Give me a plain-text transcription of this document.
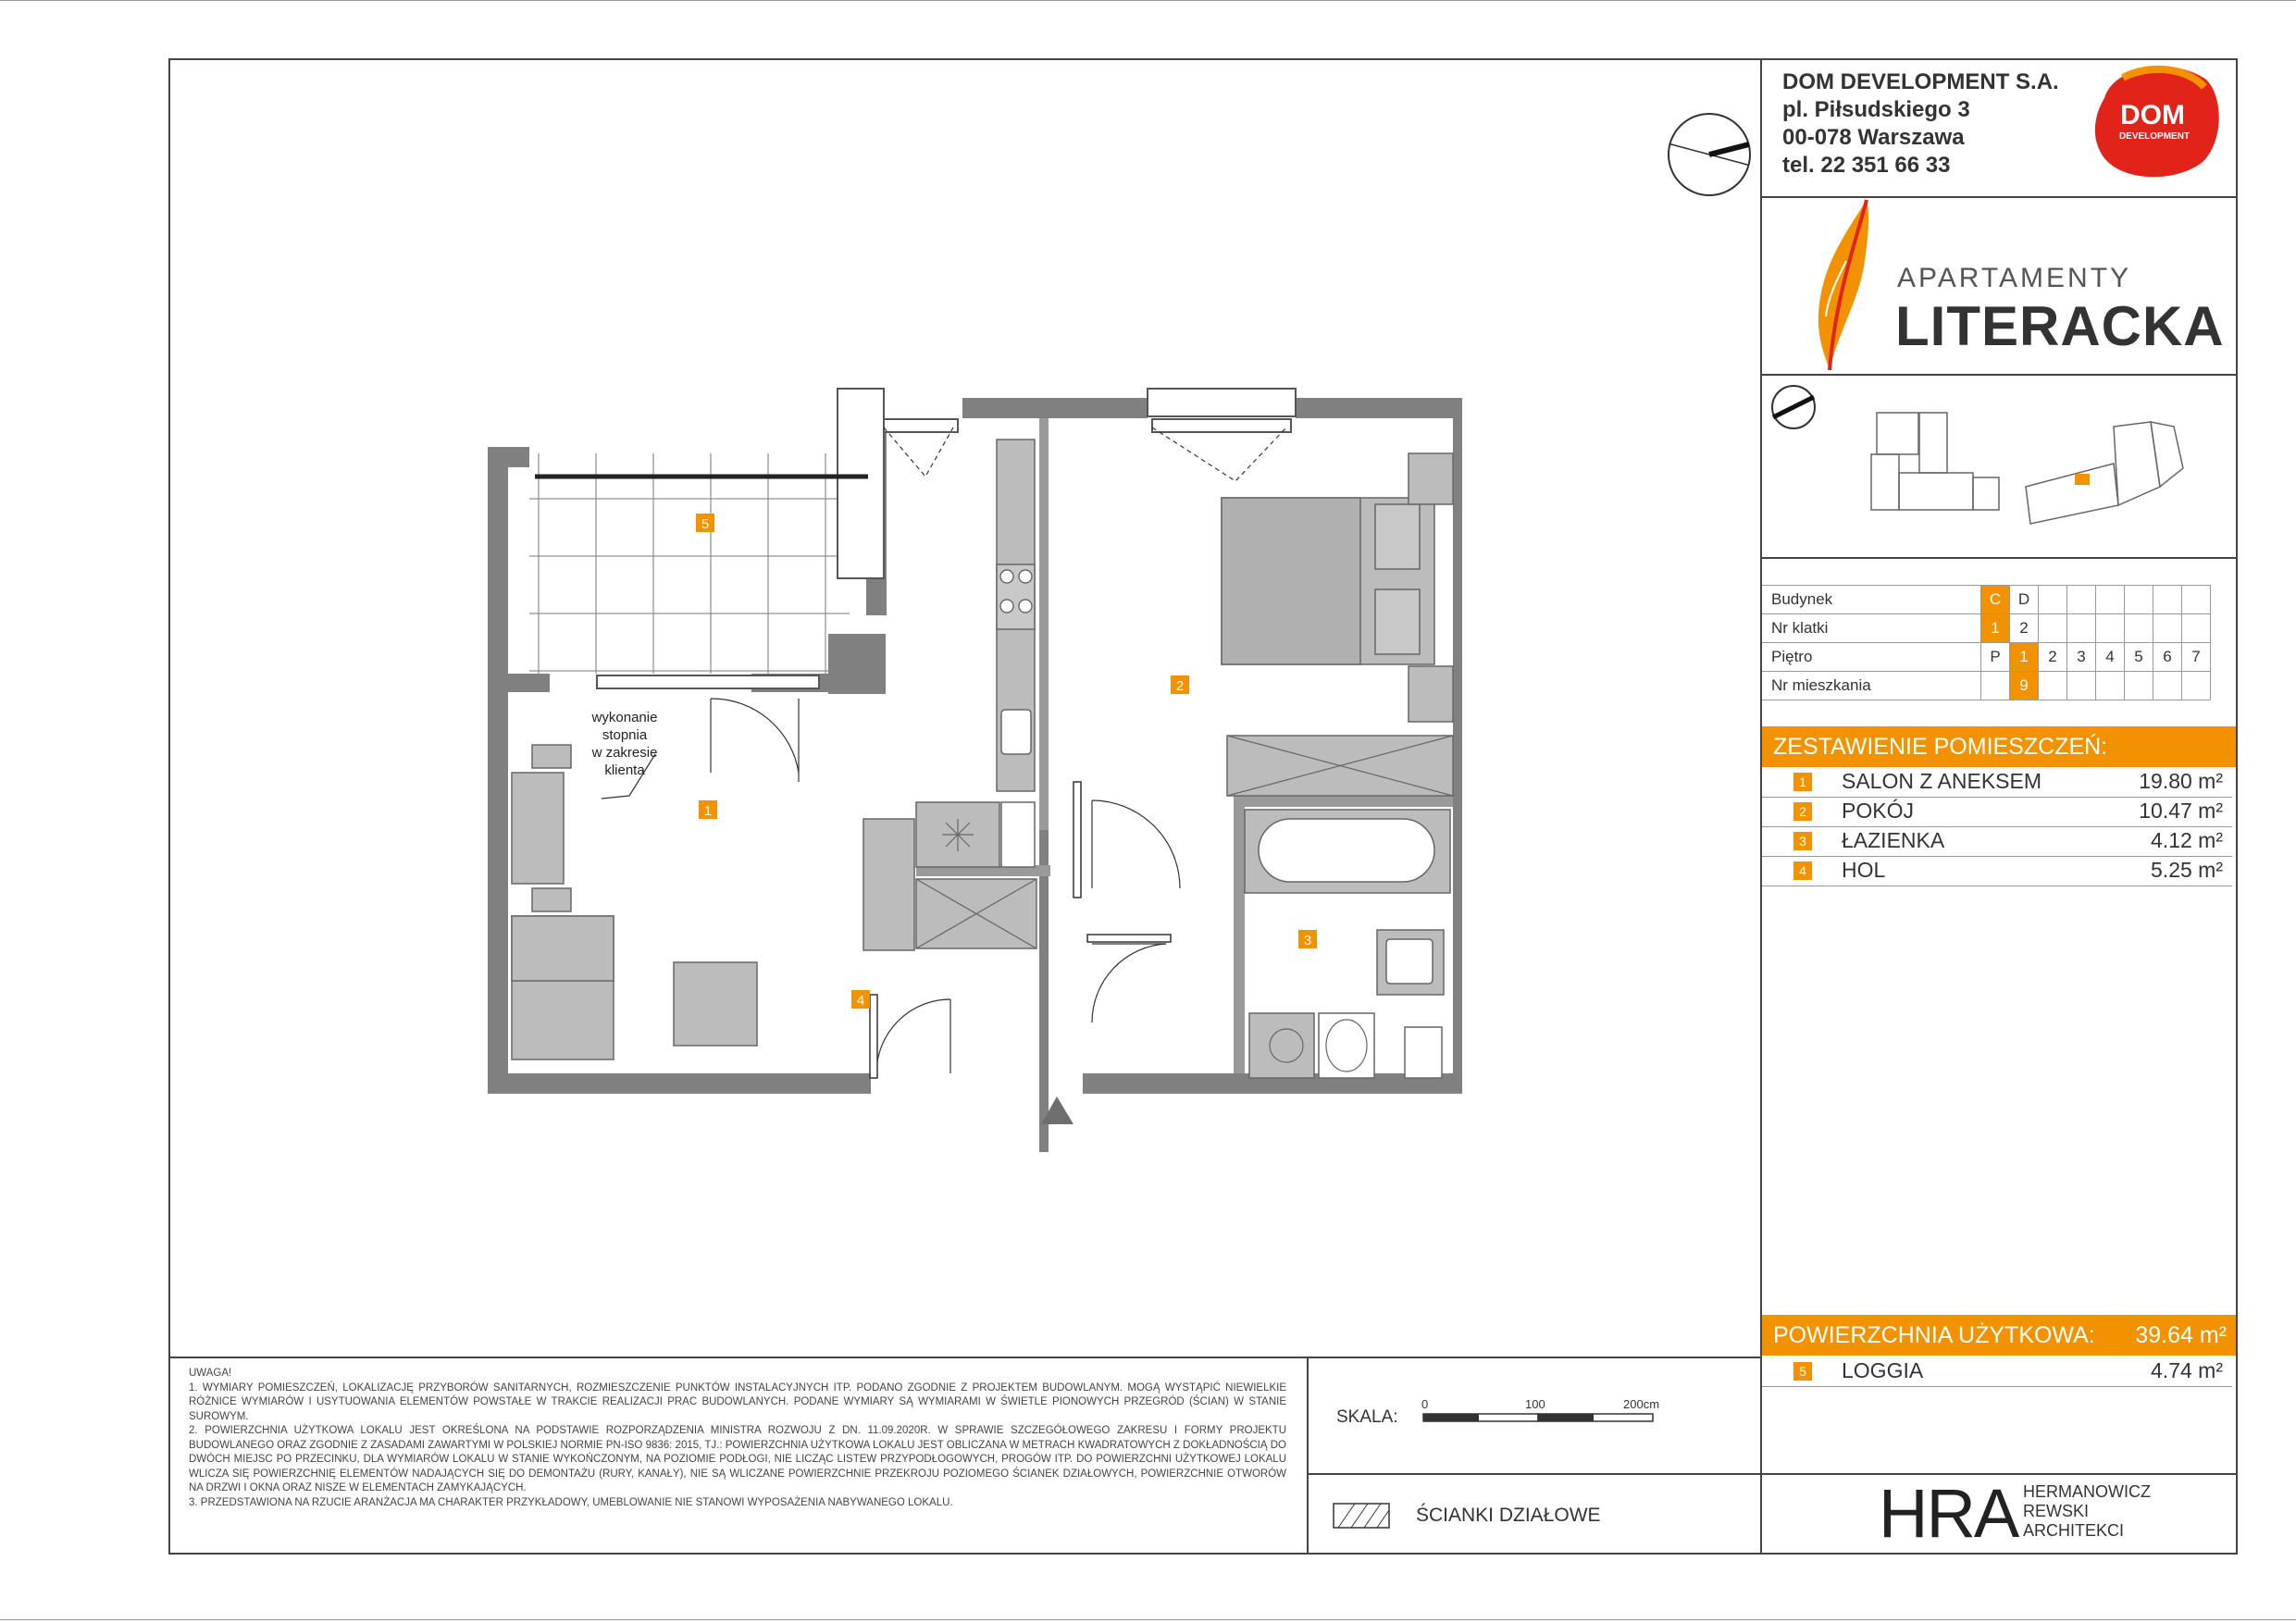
DOM DEVELOPMENT S.A.
pl. Piłsudskiego 3
00-078 Warszawa
tel. 22 351 66 33
DOM
DEVELOPMENT
APARTAMENTY
LITERACKA
Budynek	C	D						
Nr klatki	1	2						
Piętro	P	1	2	3	4	5	6	7
Nr mieszkania		9						
ZESTAWIENIE POMIESZCZEŃ:
1 SALON Z ANEKSEM	19.80 m²
2 POKÓJ	10.47 m²
3 ŁAZIENKA	4.12 m²
4 HOL	5.25 m²
POWIERZCHNIA UŻYTKOWA: 39.64 m²
5 LOGGIA	4.74 m²
HRA HERMANOWICZ
REWSKI
ARCHITEKCI
SKALA:
0	100	200cm
ŚCIANKI DZIAŁOWE

UWAGA!

1. WYMIARY POMIESZCZEŃ, LOKALIZACJĘ PRZYBORÓW SANITARNYCH, ROZMIESZCZENIE PUNKTÓW INSTALACYJNYCH ITP. PODANO ZGODNIE Z PROJEKTEM BUDOWLANYM. MOGĄ WYSTĄPIĆ NIEWIELKIE RÓŻNICE WYMIARÓW I USYTUOWANIA ELEMENTÓW POWSTAŁE W TRAKCIE REALIZACJI PRAC BUDOWLANYCH. PODANE WYMIARY SĄ WYMIARAMI W ŚWIETLE PIONOWYCH PRZEGRÓD (ŚCIAN) W STANIE SUROWYM.

2. POWIERZCHNIA UŻYTKOWA LOKALU JEST OKREŚLONA NA PODSTAWIE ROZPORZĄDZENIA MINISTRA ROZWOJU Z DN. 11.09.2020R. W SPRAWIE SZCZEGÓŁOWEGO ZAKRESU I FORMY PROJEKTU BUDOWLANEGO ORAZ ZGODNIE Z ZASADAMI ZAWARTYMI W POLSKIEJ NORMIE PN-ISO 9836: 2015, TJ.: POWIERZCHNIA UŻYTKOWA LOKALU JEST OBLICZANA W METRACH KWADRATOWYCH Z DOKŁADNOŚCIĄ DO DWÓCH MIEJSC PO PRZECINKU, DLA WYMIARÓW LOKALU W STANIE WYKOŃCZONYM, NA POZIOMIE PODŁOGI, NIE LICZĄC LISTEW PRZYPODŁOGOWYCH, PROGÓW ITP. DO POWIERZCHNI UŻYTKOWEJ LOKALU WLICZA SIĘ POWIERZCHNIĘ ELEMENTÓW NADAJĄCYCH SIĘ DO DEMONTAŻU (RURY, KANAŁY), NIE SĄ WLICZANE POWIERZCHNIE PRZEKROJU POZIOMEGO ŚCIANEK DZIAŁOWYCH, POWIERZCHNIE OTWORÓW NA DRZWI I OKNA ORAZ NISZE W ELEMENTACH ZAMYKAJĄCYCH.

3. PRZEDSTAWIONA NA RZUCIE ARANŻACJA MA CHARAKTER PRZYKŁADOWY, UMEBLOWANIE NIE STANOWI WYPOSAŻENIA NABYWANEGO LOKALU.

1
2
3
4
5
wykonanie
stopnia
w zakresie
klienta
